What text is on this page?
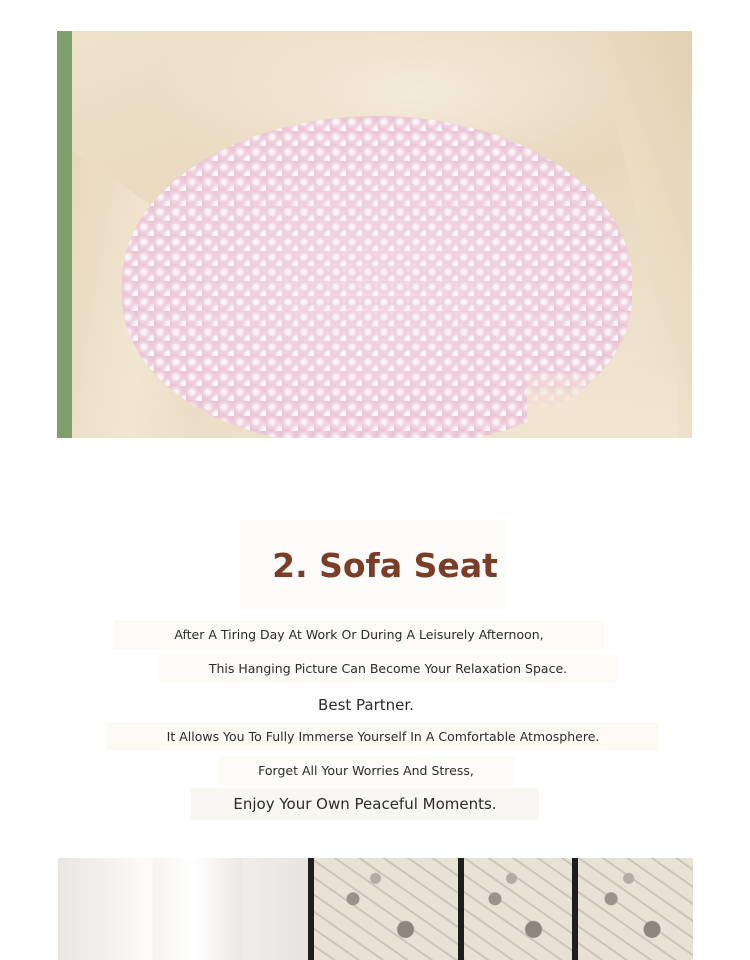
2. Sofa Seat
After A Tiring Day At Work Or During A Leisurely Afternoon,
This Hanging Picture Can Become Your Relaxation Space.
Best Partner.
It Allows You To Fully Immerse Yourself In A Comfortable Atmosphere.
Forget All Your Worries And Stress,
Enjoy Your Own Peaceful Moments.
